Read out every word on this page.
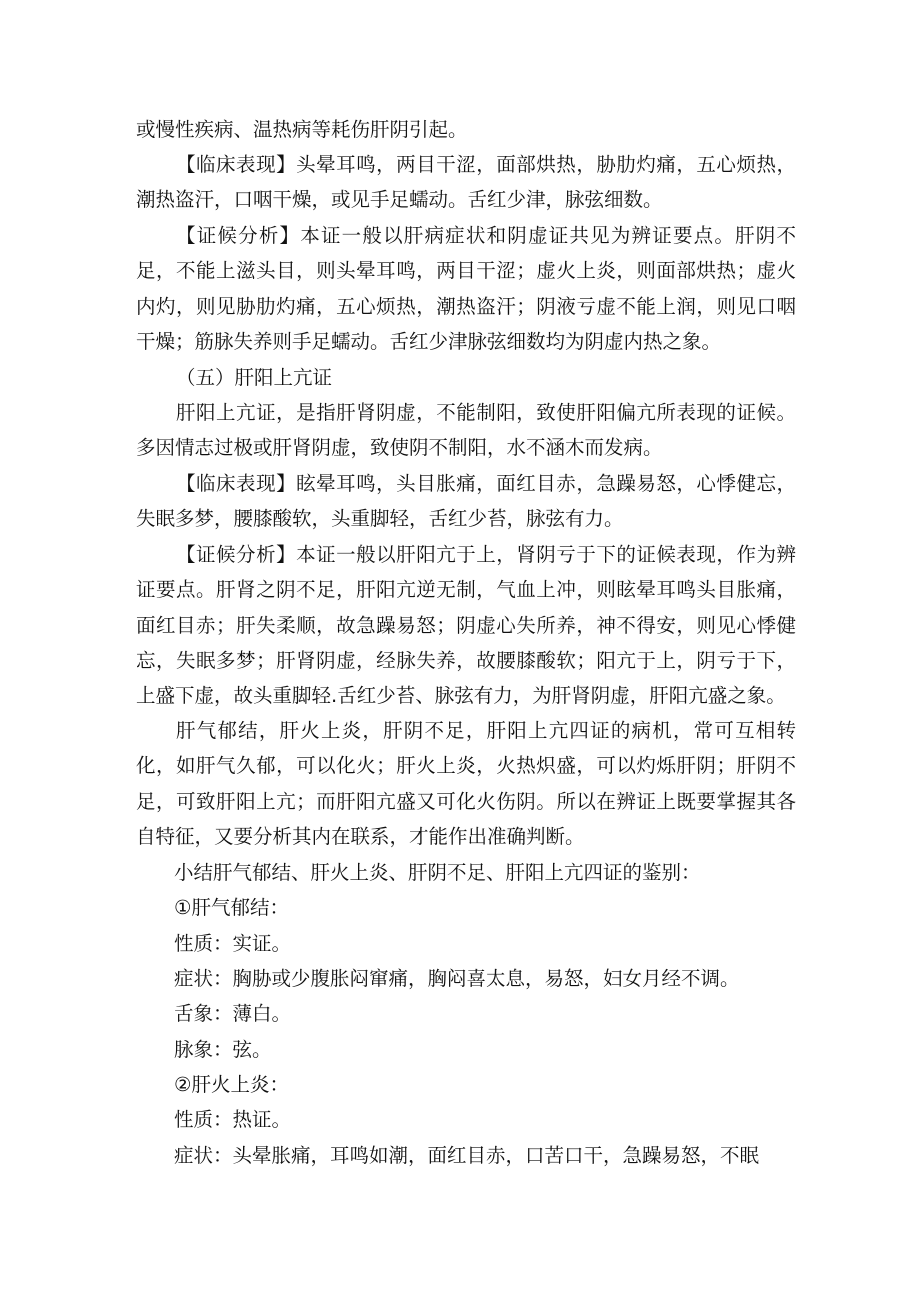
或慢性疾病、温热病等耗伤肝阴引起。

【临床表现】头晕耳鸣，两目干涩，面部烘热，胁肋灼痛，五心烦热，潮热盗汗，口咽干燥，或见手足蠕动。舌红少津，脉弦细数。

【证候分析】本证一般以肝病症状和阴虚证共见为辨证要点。肝阴不足，不能上滋头目，则头晕耳鸣，两目干涩；虚火上炎，则面部烘热；虚火内灼，则见胁肋灼痛，五心烦热，潮热盗汗；阴液亏虚不能上润，则见口咽干燥；筋脉失养则手足蠕动。舌红少津脉弦细数均为阴虚内热之象。

（五）肝阳上亢证

肝阳上亢证，是指肝肾阴虚，不能制阳，致使肝阳偏亢所表现的证候。多因情志过极或肝肾阴虚，致使阴不制阳，水不涵木而发病。

【临床表现】眩晕耳鸣，头目胀痛，面红目赤，急躁易怒，心悸健忘，失眠多梦，腰膝酸软，头重脚轻，舌红少苔，脉弦有力。

【证候分析】本证一般以肝阳亢于上，肾阴亏于下的证候表现，作为辨证要点。肝肾之阴不足，肝阳亢逆无制，气血上冲，则眩晕耳鸣头目胀痛，面红目赤；肝失柔顺，故急躁易怒；阴虚心失所养，神不得安，则见心悸健忘，失眠多梦；肝肾阴虚，经脉失养，故腰膝酸软；阳亢于上，阴亏于下，上盛下虚，故头重脚轻.舌红少苔、脉弦有力，为肝肾阴虚，肝阳亢盛之象。

肝气郁结，肝火上炎，肝阴不足，肝阳上亢四证的病机，常可互相转化，如肝气久郁，可以化火；肝火上炎，火热炽盛，可以灼烁肝阴；肝阴不足，可致肝阳上亢；而肝阳亢盛又可化火伤阴。所以在辨证上既要掌握其各自特征，又要分析其内在联系，才能作出准确判断。

小结肝气郁结、肝火上炎、肝阴不足、肝阳上亢四证的鉴别：

①肝气郁结：

性质：实证。

症状：胸胁或少腹胀闷窜痛，胸闷喜太息，易怒，妇女月经不调。

舌象：薄白。

脉象：弦。

②肝火上炎：

性质：热证。

症状：头晕胀痛，耳鸣如潮，面红目赤，口苦口干，急躁易怒，不眠
